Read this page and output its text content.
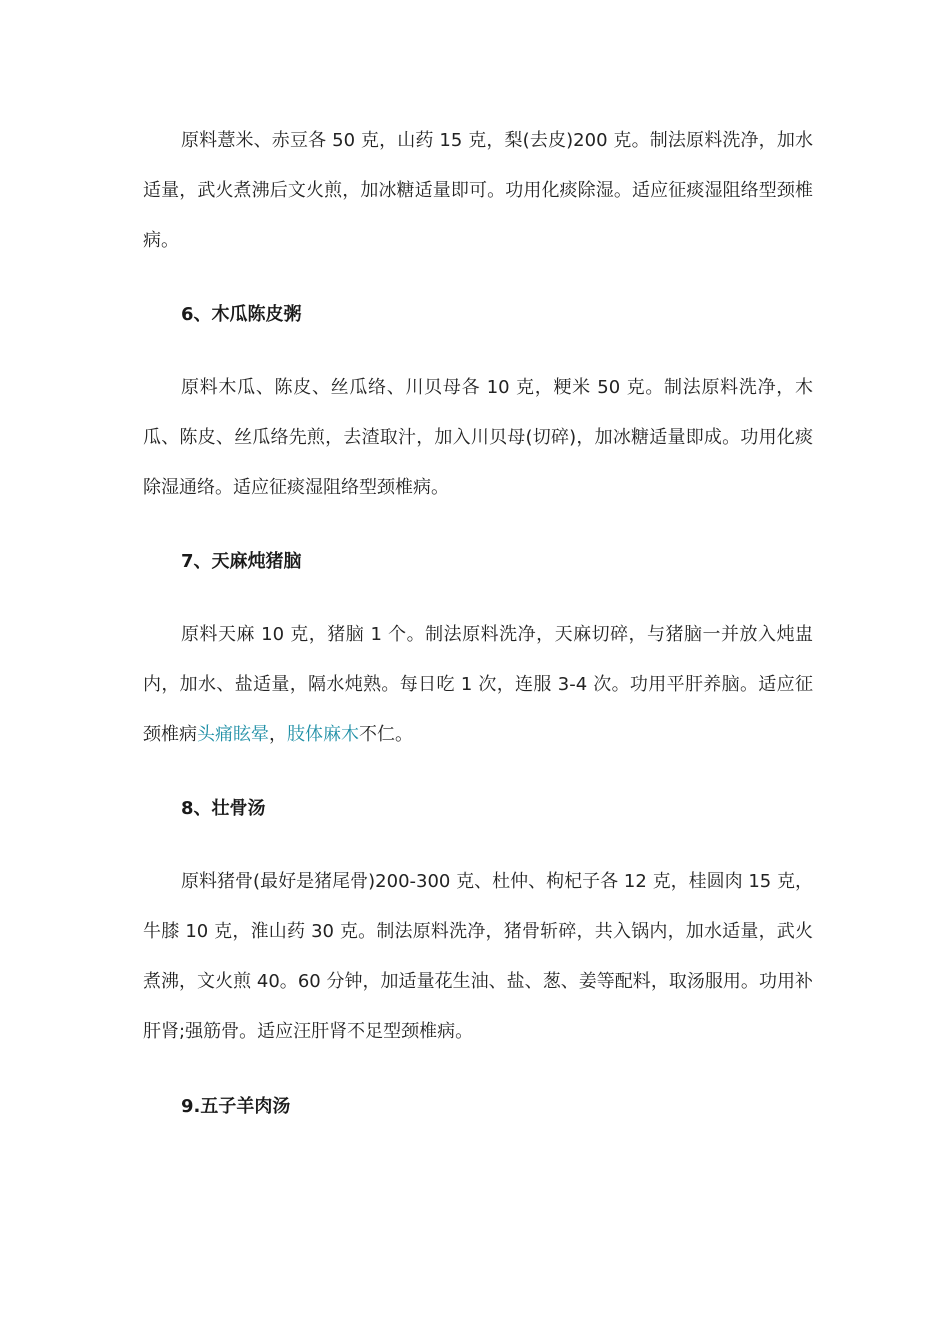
原料薏米、赤豆各 50 克，山药 15 克，梨(去皮)200 克。制法原料洗净，加水适量，武火煮沸后文火煎，加冰糖适量即可。功用化痰除湿。适应征痰湿阻络型颈椎病。

6、木瓜陈皮粥

原料木瓜、陈皮、丝瓜络、川贝母各 10 克，粳米 50 克。制法原料洗净，木瓜、陈皮、丝瓜络先煎，去渣取汁，加入川贝母(切碎)，加冰糖适量即成。功用化痰除湿通络。适应征痰湿阻络型颈椎病。

7、天麻炖猪脑

原料天麻 10 克，猪脑 1 个。制法原料洗净，天麻切碎，与猪脑一并放入炖盅内，加水、盐适量，隔水炖熟。每日吃 1 次，连服 3-4 次。功用平肝养脑。适应征颈椎病头痛眩晕，肢体麻木不仁。

8、壮骨汤

原料猪骨(最好是猪尾骨)200-300 克、杜仲、枸杞子各 12 克，桂圆肉 15 克，牛膝 10 克，淮山药 30 克。制法原料洗净，猪骨斩碎，共入锅内，加水适量，武火煮沸，文火煎 40。60 分钟，加适量花生油、盐、葱、姜等配料，取汤服用。功用补肝肾;强筋骨。适应汪肝肾不足型颈椎病。

9.五子羊肉汤
